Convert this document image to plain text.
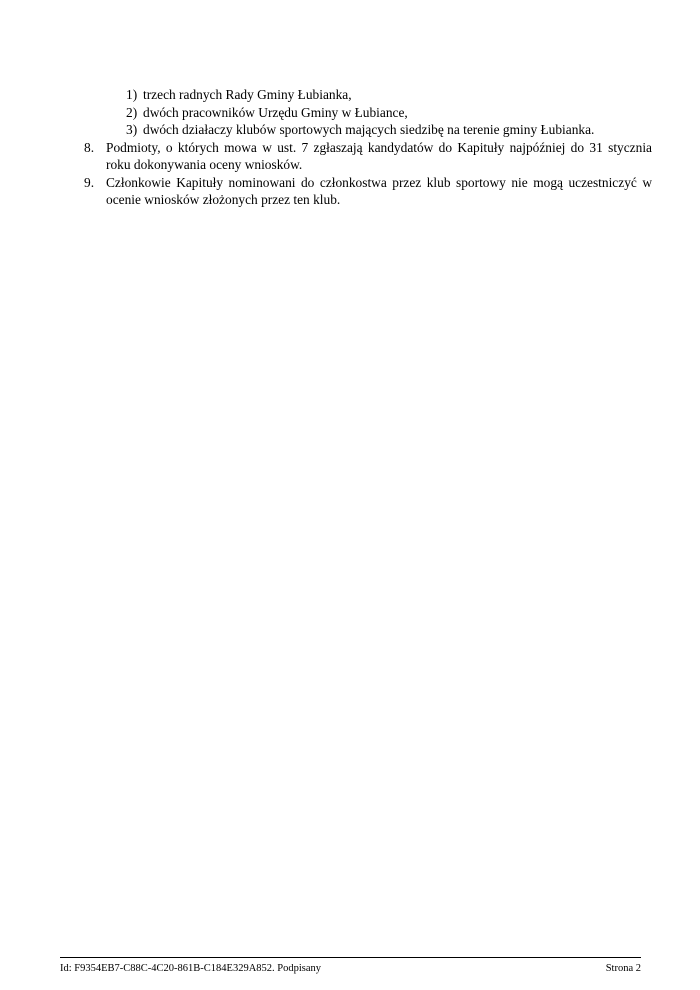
1) trzech radnych Rady Gminy Łubianka,
2) dwóch pracowników Urzędu Gminy w Łubiance,
3) dwóch działaczy klubów sportowych mających siedzibę na terenie gminy Łubianka.
8. Podmioty, o których mowa w ust. 7 zgłaszają kandydatów do Kapituły najpóźniej do 31 stycznia roku dokonywania oceny wniosków.
9. Członkowie Kapituły nominowani do członkostwa przez klub sportowy nie mogą uczestniczyć w ocenie wniosków złożonych przez ten klub.
Id: F9354EB7-C88C-4C20-861B-C184E329A852. Podpisany	Strona 2
